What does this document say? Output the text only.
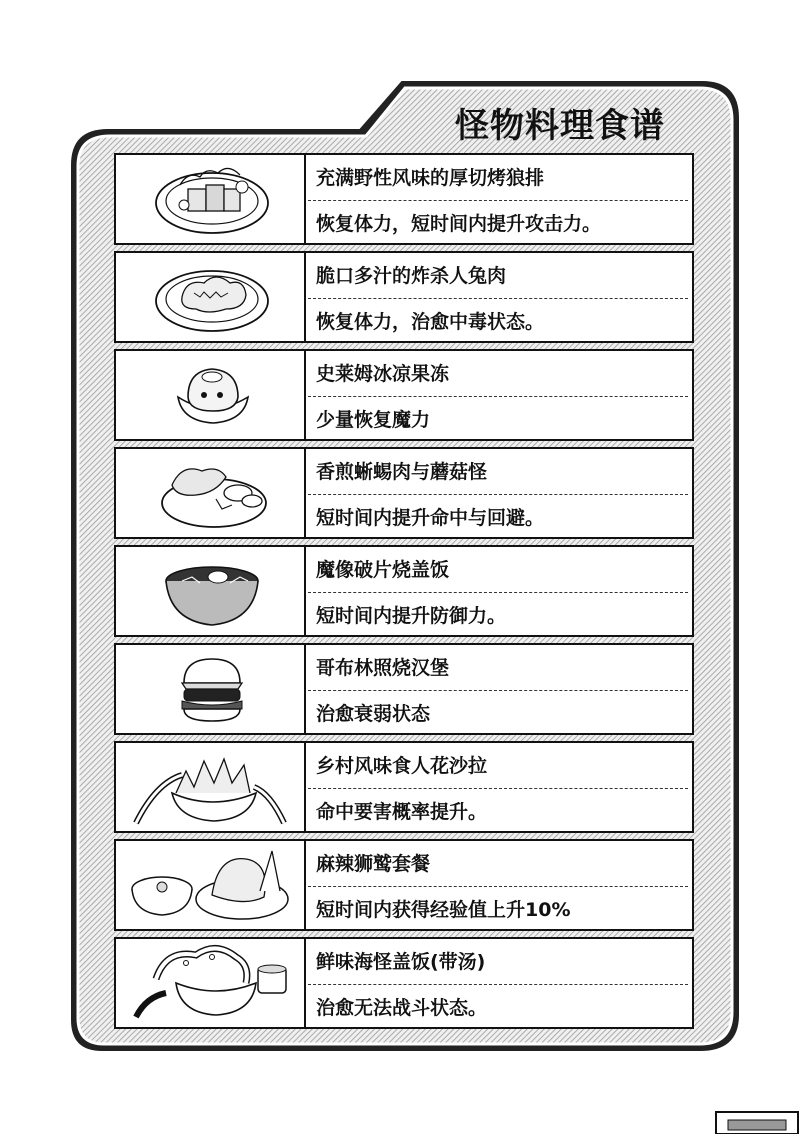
怪物料理食谱
充满野性风味的厚切烤狼排
恢复体力，短时间内提升攻击力。
脆口多汁的炸杀人兔肉
恢复体力，治愈中毒状态。
史莱姆冰凉果冻
少量恢复魔力
香煎蜥蜴肉与蘑菇怪
短时间内提升命中与回避。
魔像破片烧盖饭
短时间内提升防御力。
哥布林照烧汉堡
治愈衰弱状态
乡村风味食人花沙拉
命中要害概率提升。
麻辣狮鹫套餐
短时间内获得经验值上升10%
鲜味海怪盖饭(带汤)
治愈无法战斗状态。
